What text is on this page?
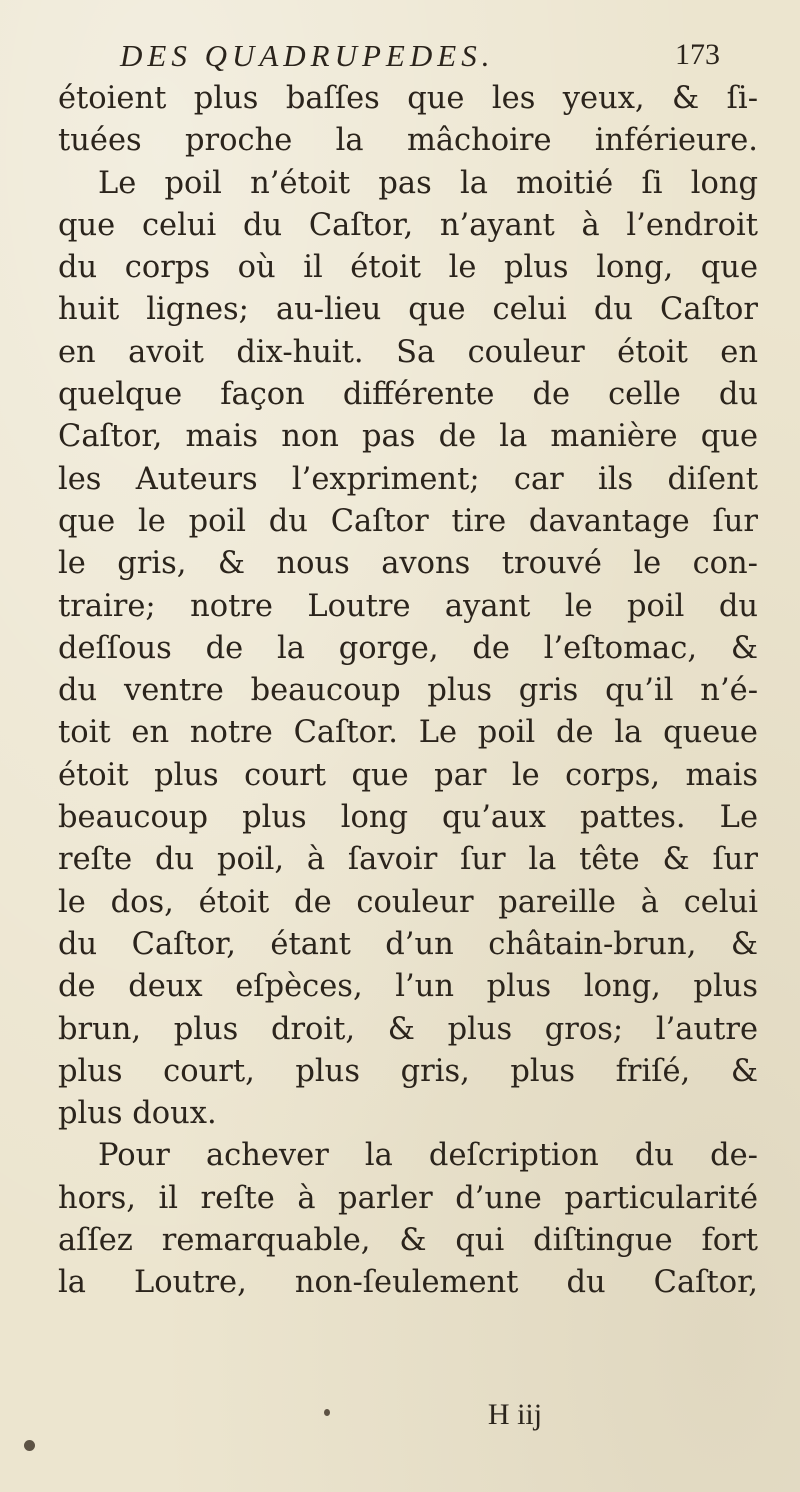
DES QUADRUPEDES.	173
étoient plus baſſes que les yeux, & ſi-
tuées proche la mâchoire inférieure.
Le poil n’étoit pas la moitié ſi long
que celui du Caſtor, n’ayant à l’endroit
du corps où il étoit le plus long, que
huit lignes; au-lieu que celui du Caſtor
en avoit dix-huit. Sa couleur étoit en
quelque façon différente de celle du
Caſtor, mais non pas de la manière que
les Auteurs l’expriment; car ils diſent
que le poil du Caſtor tire davantage ſur
le gris, & nous avons trouvé le con-
traire; notre Loutre ayant le poil du
deſſous de la gorge, de l’eſtomac, &
du ventre beaucoup plus gris qu’il n’é-
toit en notre Caſtor. Le poil de la queue
étoit plus court que par le corps, mais
beaucoup plus long qu’aux pattes. Le
reſte du poil, à ſavoir ſur la tête & ſur
le dos, étoit de couleur pareille à celui
du Caſtor, étant d’un châtain-brun, &
de deux eſpèces, l’un plus long, plus
brun, plus droit, & plus gros; l’autre
plus court, plus gris, plus friſé, &
plus doux.
Pour achever la deſcription du de-
hors, il reſte à parler d’une particularité
aſſez remarquable, & qui diſtingue fort
la Loutre, non-ſeulement du Caſtor,
H iij
